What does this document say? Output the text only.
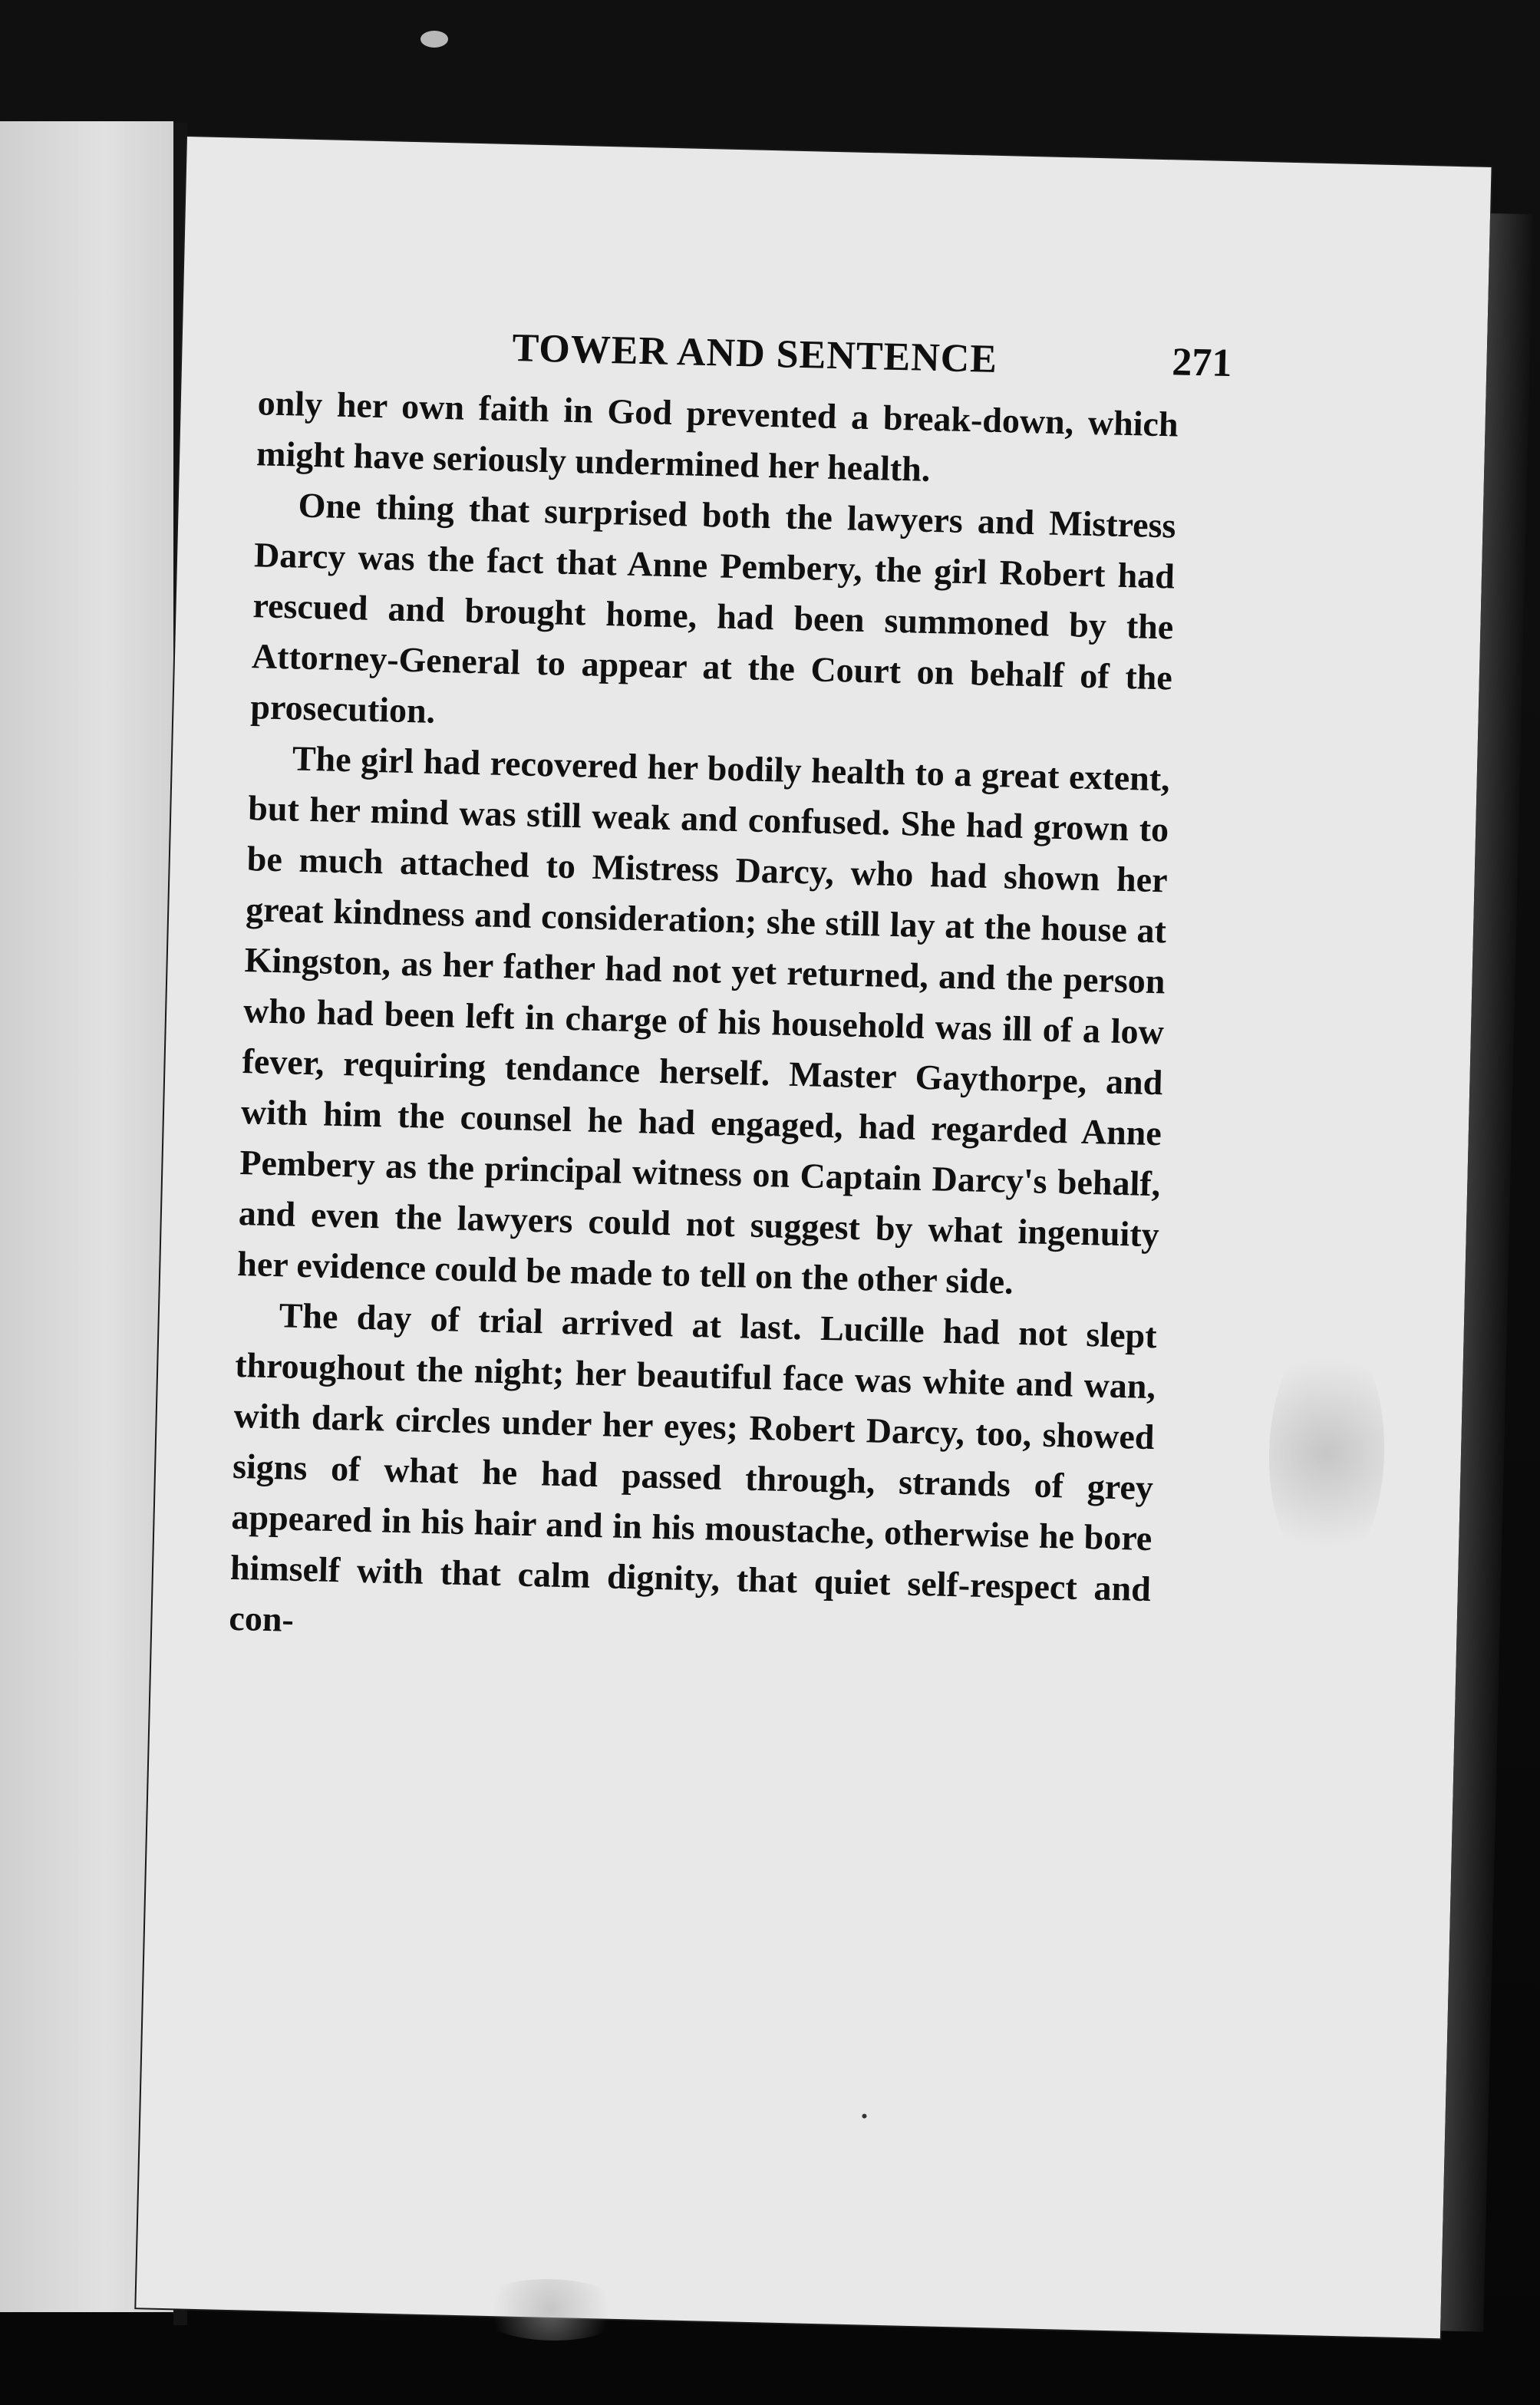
TOWER AND SENTENCE	271

only her own faith in God prevented a break-down, which might have seriously undermined her health.

One thing that surprised both the lawyers and Mistress Darcy was the fact that Anne Pembery, the girl Robert had rescued and brought home, had been summoned by the Attorney-General to appear at the Court on behalf of the prosecution.

The girl had recovered her bodily health to a great extent, but her mind was still weak and confused. She had grown to be much attached to Mistress Darcy, who had shown her great kindness and consideration; she still lay at the house at Kingston, as her father had not yet returned, and the person who had been left in charge of his household was ill of a low fever, requiring tendance herself. Master Gaythorpe, and with him the counsel he had engaged, had regarded Anne Pembery as the principal witness on Captain Darcy's behalf, and even the lawyers could not suggest by what ingenuity her evidence could be made to tell on the other side.

The day of trial arrived at last. Lucille had not slept throughout the night; her beautiful face was white and wan, with dark circles under her eyes; Robert Darcy, too, showed signs of what he had passed through, strands of grey appeared in his hair and in his moustache, otherwise he bore himself with that calm dignity, that quiet self-respect and con-
